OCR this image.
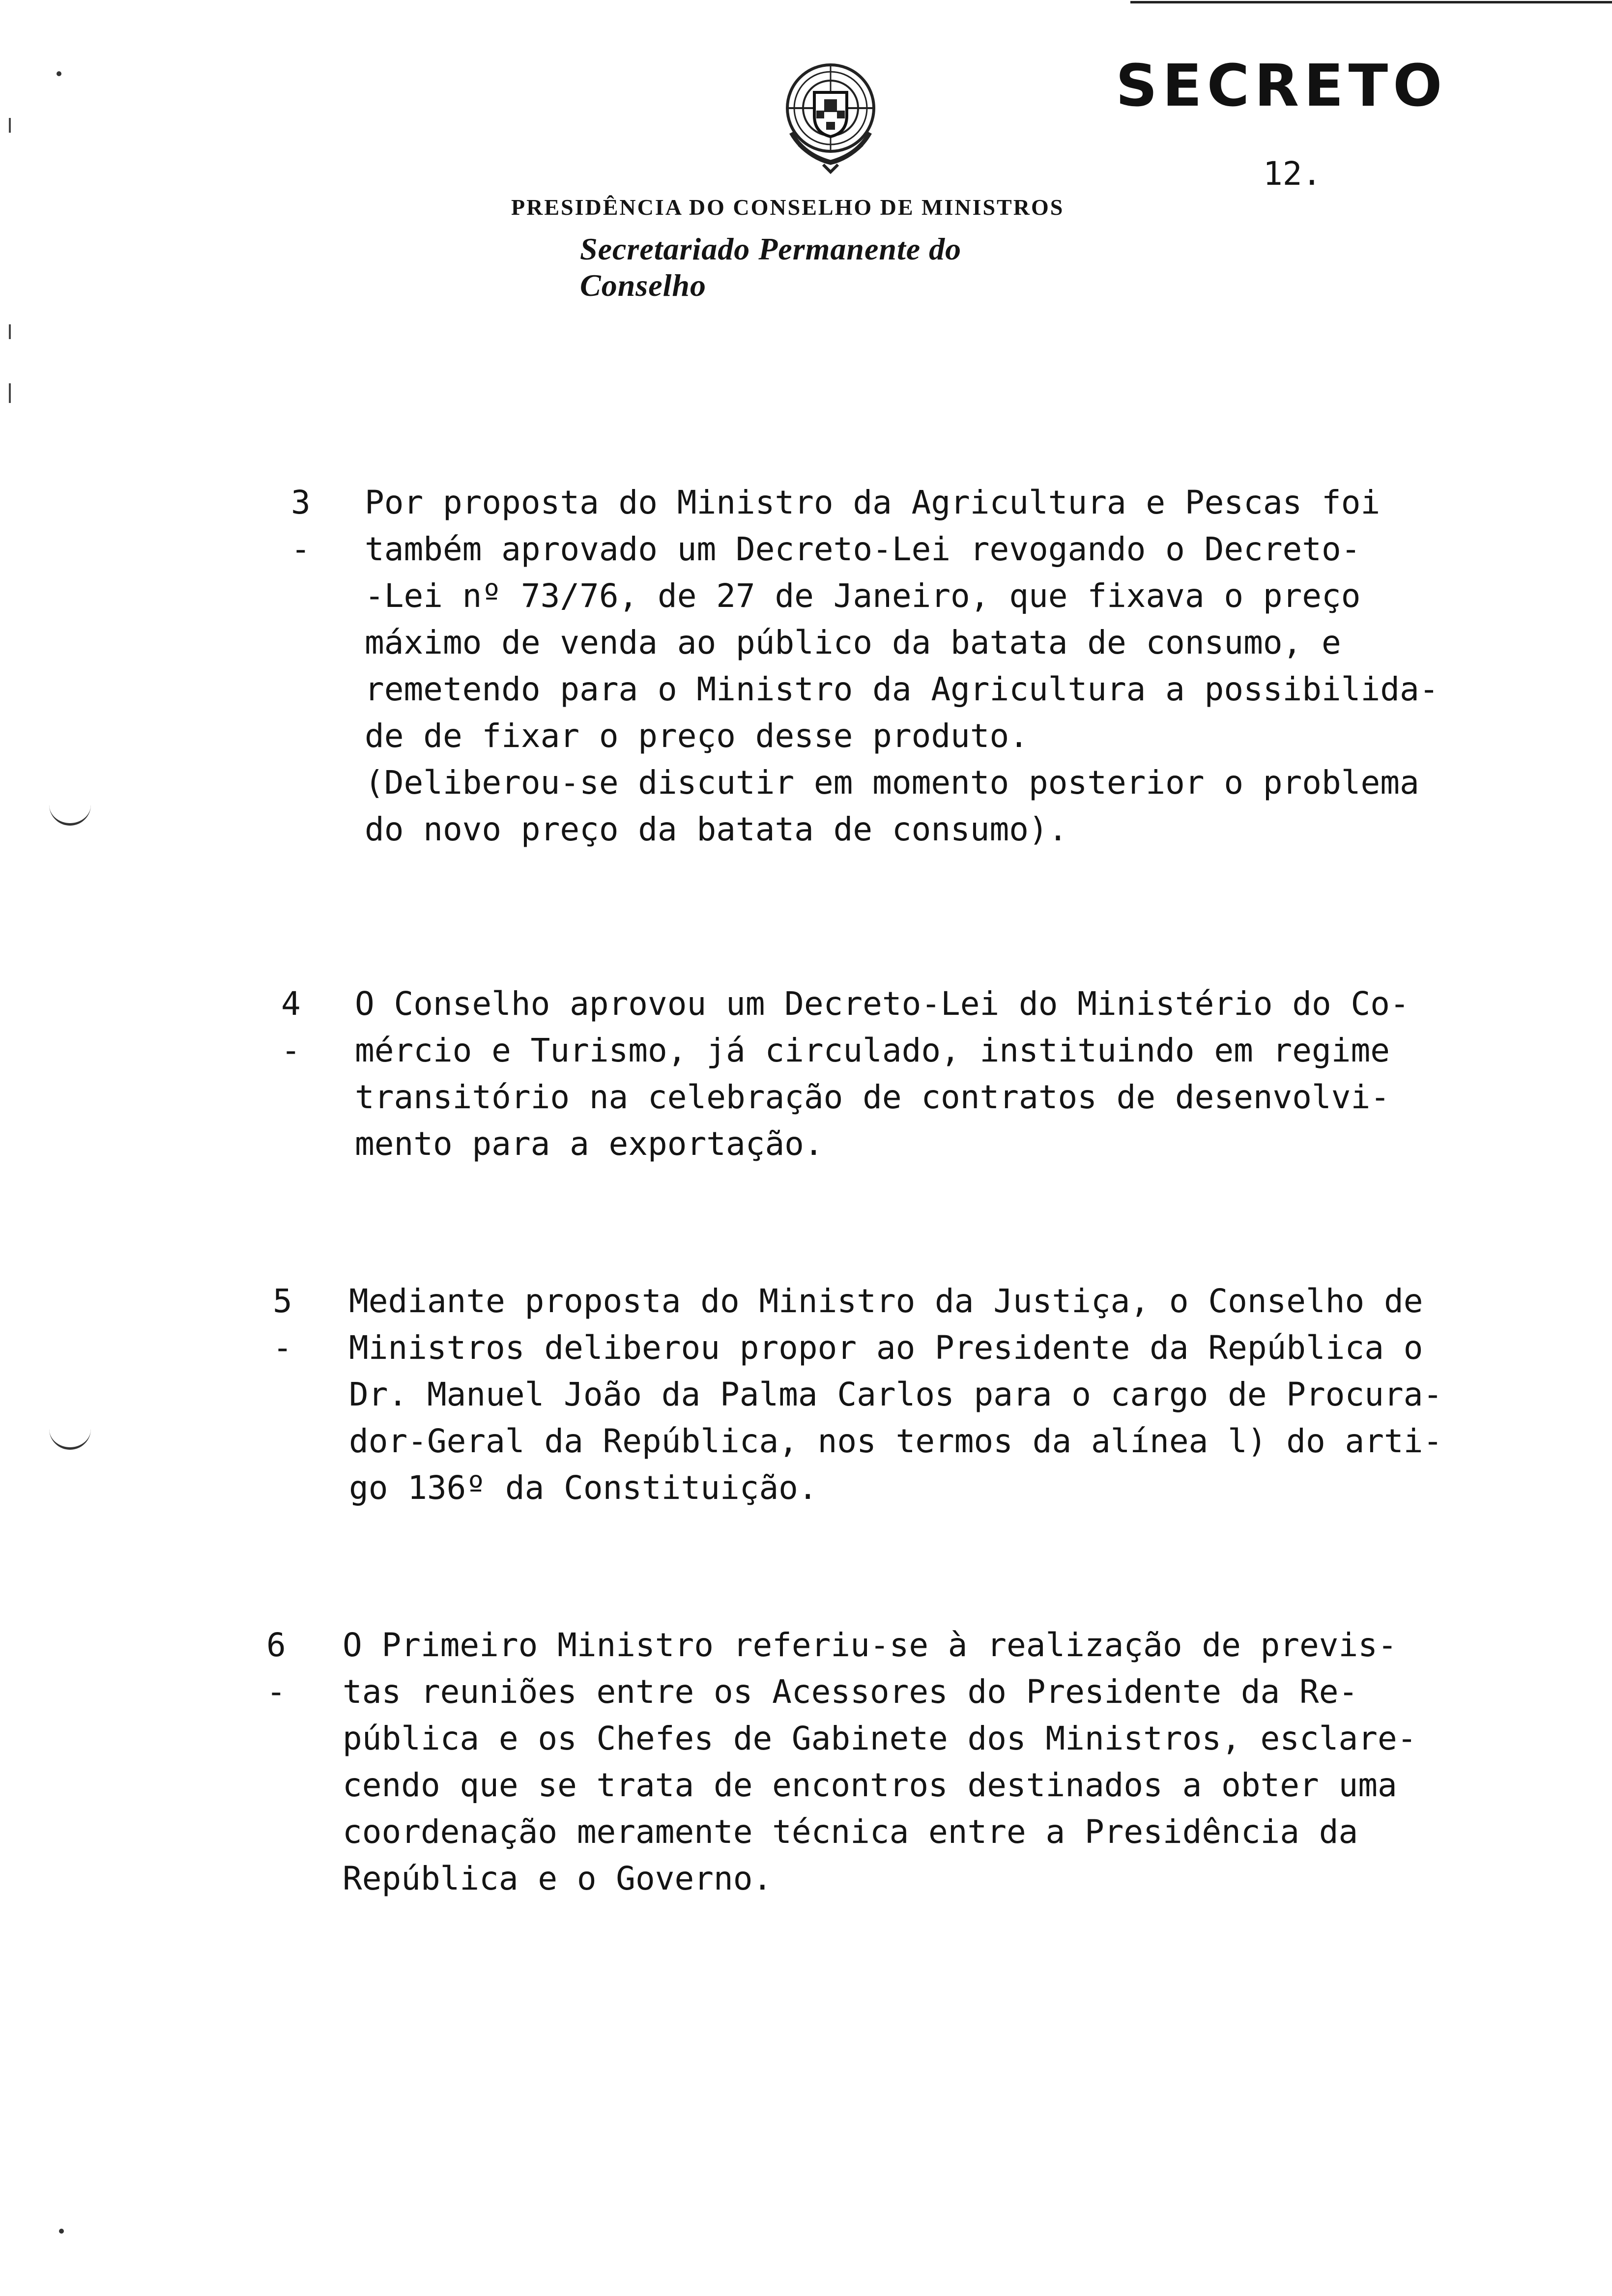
SECRETO
12.
PRESIDÊNCIA DO CONSELHO DE MINISTROS
Secretariado Permanente do Conselho
3 -
Por proposta do Ministro da Agricultura e Pescas foi
também aprovado um Decreto-Lei revogando o Decreto-
-Lei nº 73/76, de 27 de Janeiro, que fixava o preço
máximo de venda ao público da batata de consumo, e
remetendo para o Ministro da Agricultura a possibilida-
de de fixar o preço desse produto.
(Deliberou-se discutir em momento posterior o problema
do novo preço da batata de consumo).
4 -
O Conselho aprovou um Decreto-Lei do Ministério do Co-
mércio e Turismo, já circulado, instituindo em regime
transitório na celebração de contratos de desenvolvi-
mento para a exportação.
5 -
Mediante proposta do Ministro da Justiça, o Conselho de
Ministros deliberou propor ao Presidente da República o
Dr. Manuel João da Palma Carlos para o cargo de Procura-
dor-Geral da República, nos termos da alínea l) do arti-
go 136º da Constituição.
6 -
O Primeiro Ministro referiu-se à realização de previs-
tas reuniões entre os Acessores do Presidente da Re-
pública e os Chefes de Gabinete dos Ministros, esclare-
cendo que se trata de encontros destinados a obter uma
coordenação meramente técnica entre a Presidência da
República e o Governo.
